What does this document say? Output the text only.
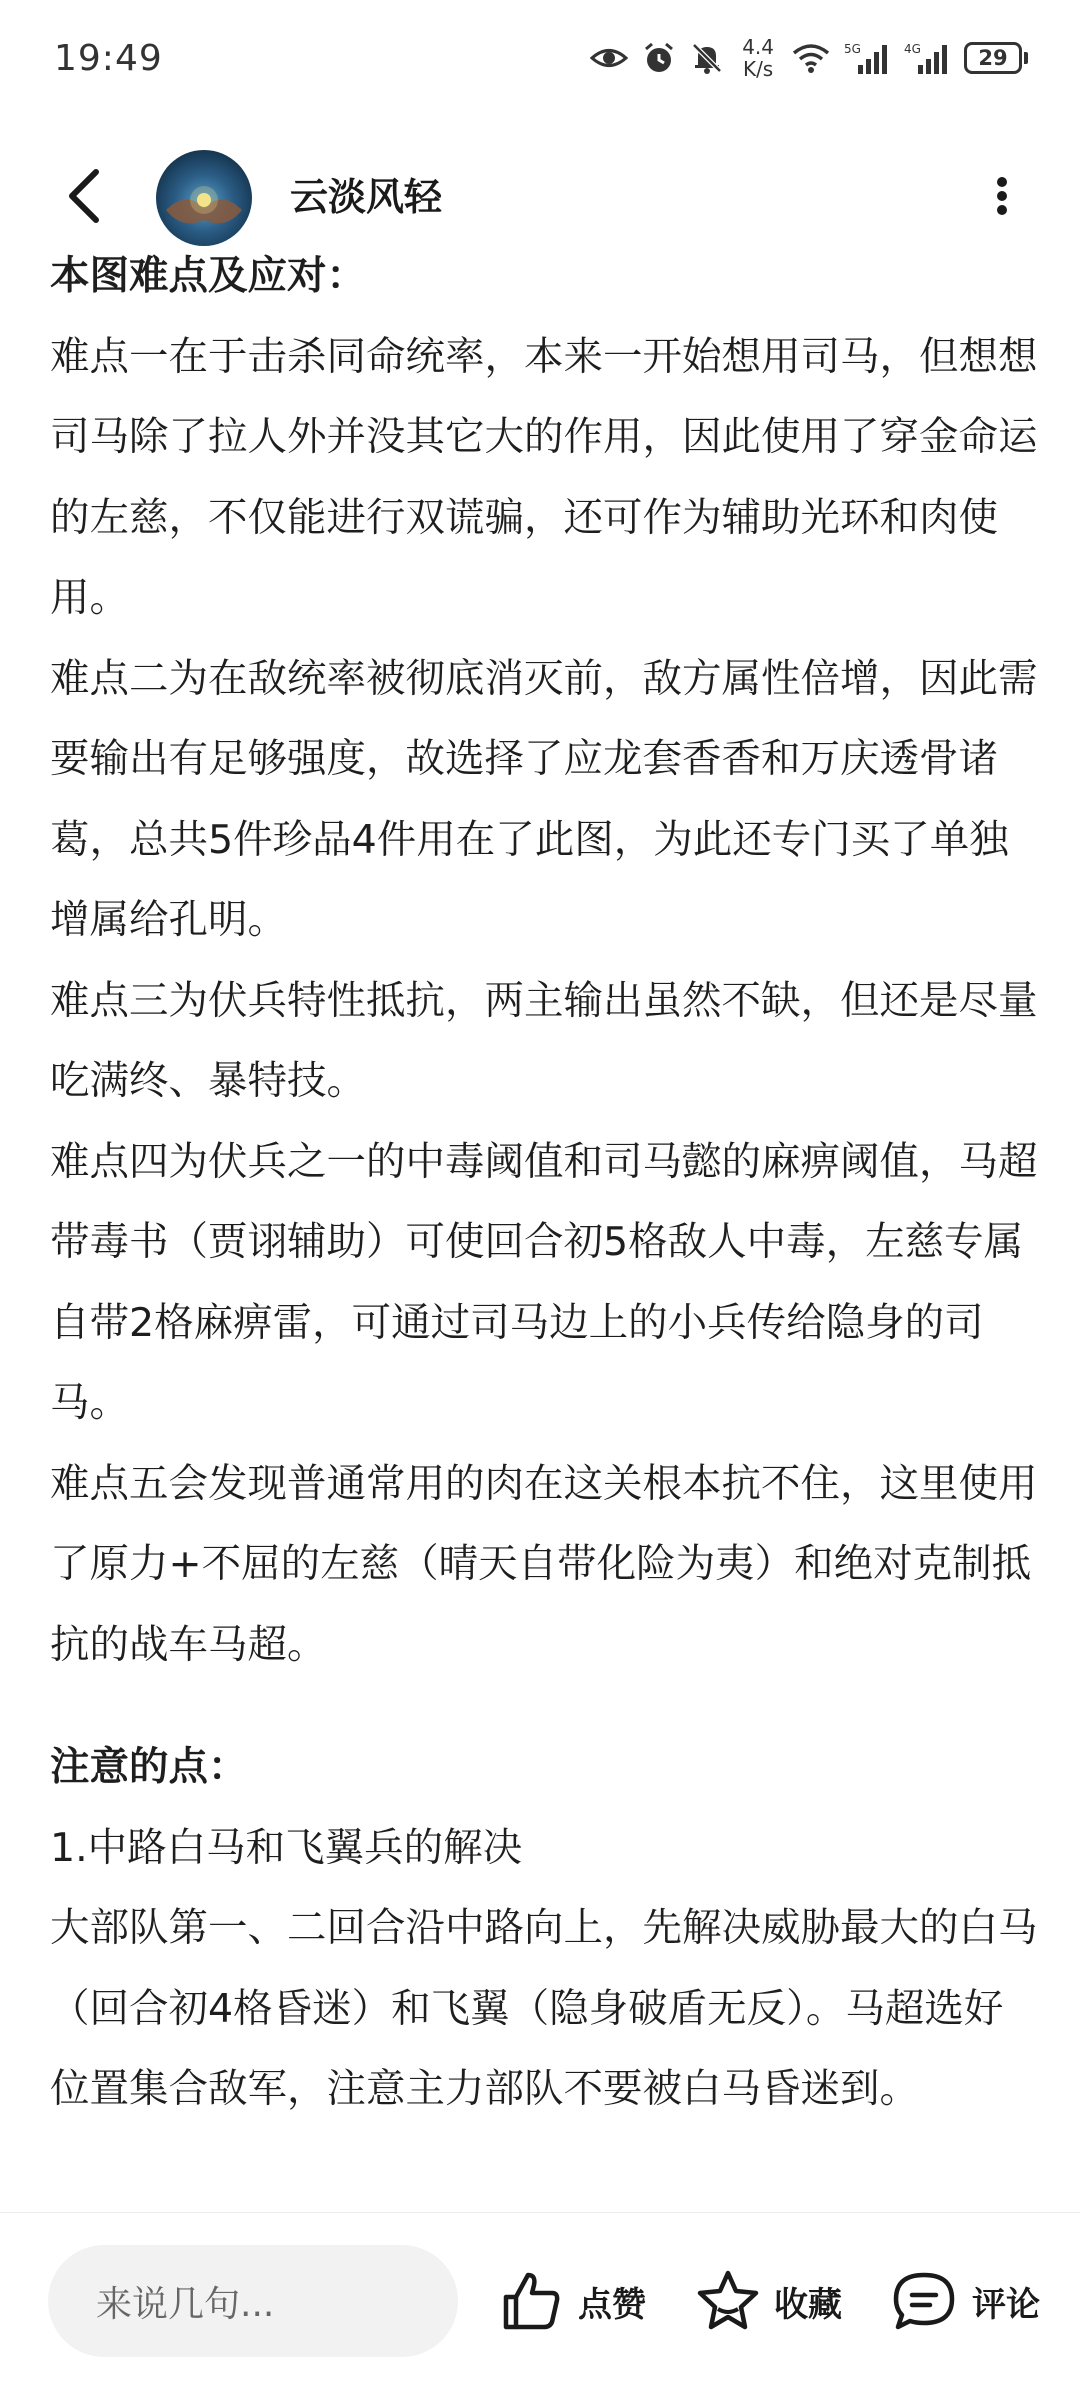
19:49	4.4
K/s
5G	4G	29
云淡风轻

本图难点及应对：

难点一在于击杀同命统率，本来一开始想用司马，但想想司马除了拉人外并没其它大的作用，因此使用了穿金命运的左慈，不仅能进行双谎骗，还可作为辅助光环和肉使用。

难点二为在敌统率被彻底消灭前，敌方属性倍增，因此需要输出有足够强度，故选择了应龙套香香和万庆透骨诸葛，总共5件珍品4件用在了此图，为此还专门买了单独增属给孔明。

难点三为伏兵特性抵抗，两主输出虽然不缺，但还是尽量吃满终、暴特技。

难点四为伏兵之一的中毒阈值和司马懿的麻痹阈值，马超带毒书（贾诩辅助）可使回合初5格敌人中毒，左慈专属自带2格麻痹雷，可通过司马边上的小兵传给隐身的司马。

难点五会发现普通常用的肉在这关根本抗不住，这里使用了原力+不屈的左慈（晴天自带化险为夷）和绝对克制抵抗的战车马超。

注意的点：

1.中路白马和飞翼兵的解决

大部队第一、二回合沿中路向上，先解决威胁最大的白马（回合初4格昏迷）和飞翼（隐身破盾无反）。马超选好位置集合敌军，注意主力部队不要被白马昏迷到。

来说几句...	点赞	收藏	评论
